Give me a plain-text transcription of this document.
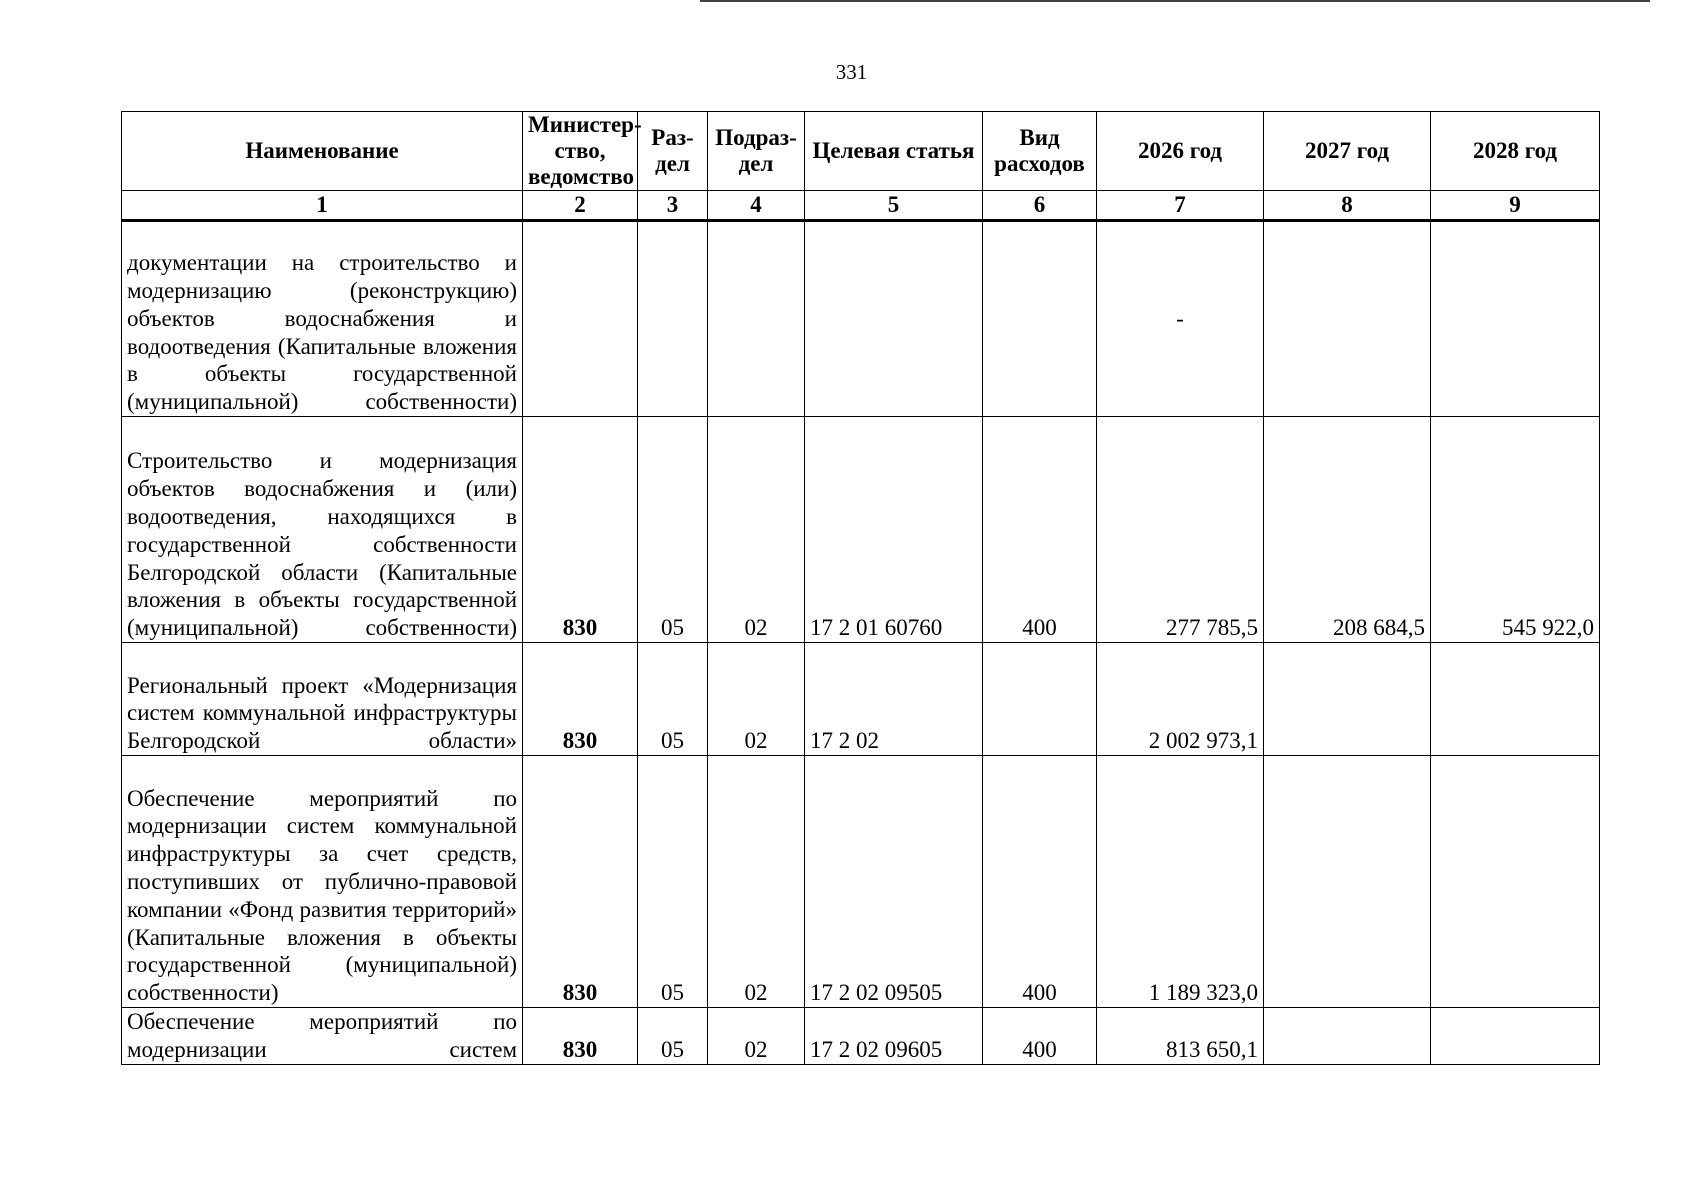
331
Наименование	Министер-ство, ведомство	Раз-дел	Подраз-дел	Целевая статья	Вид расходов	2026 год	2027 год	2028 год
1	2	3	4	5	6	7	8	9
документации на строительство и модернизацию (реконструкцию) объектов водоснабжения и водоотведения (Капитальные вложения в объекты государственной (муниципальной) собственности)						-		
Строительство и модернизация объектов водоснабжения и (или) водоотведения, находящихся в государственной собственности Белгородской области (Капитальные вложения в объекты государственной (муниципальной) собственности)	830	05	02	17 2 01 60760	400	277 785,5	208 684,5	545 922,0
Региональный проект «Модернизация систем коммунальной инфраструктуры Белгородской области»	830	05	02	17 2 02		2 002 973,1		
Обеспечение мероприятий по модернизации систем коммунальной инфраструктуры за счет средств, поступивших от публично-правовой компании «Фонд развития территорий» (Капитальные вложения в объекты государственной (муниципальной) собственности)	830	05	02	17 2 02 09505	400	1 189 323,0		
Обеспечение мероприятий по модернизации систем	830	05	02	17 2 02 09605	400	813 650,1		
